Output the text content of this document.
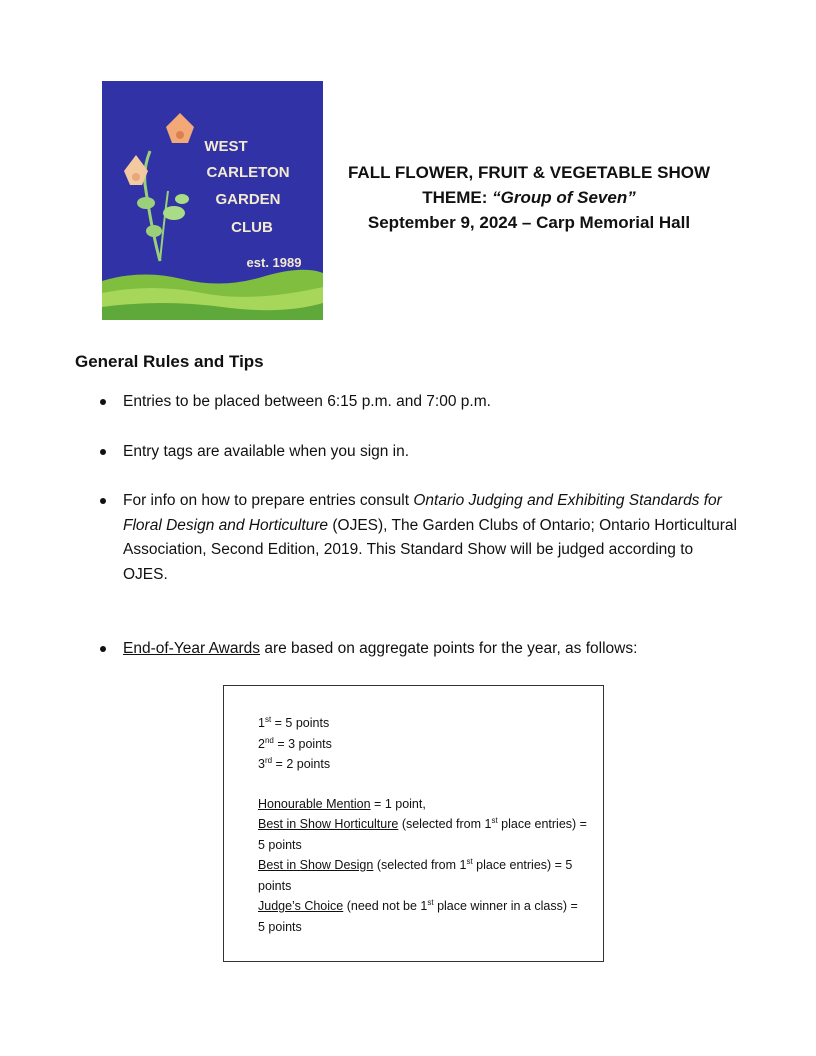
WEST
CARLETON
GARDEN
CLUB
est. 1989
FALL FLOWER, FRUIT & VEGETABLE SHOW
THEME: “Group of Seven”
September 9, 2024 – Carp Memorial Hall
General Rules and Tips
Entries to be placed between 6:15 p.m. and 7:00 p.m.
Entry tags are available when you sign in.
For info on how to prepare entries consult Ontario Judging and Exhibiting Standards for Floral Design and Horticulture (OJES), The Garden Clubs of Ontario; Ontario Horticultural Association, Second Edition, 2019. This Standard Show will be judged according to OJES.
End-of-Year Awards are based on aggregate points for the year, as follows:
1st = 5 points
2nd = 3 points
3rd = 2 points
Honourable Mention = 1 point,
Best in Show Horticulture (selected from 1st place entries) = 5 points
Best in Show Design (selected from 1st place entries) = 5 points
Judge’s Choice (need not be 1st place winner in a class) = 5 points
